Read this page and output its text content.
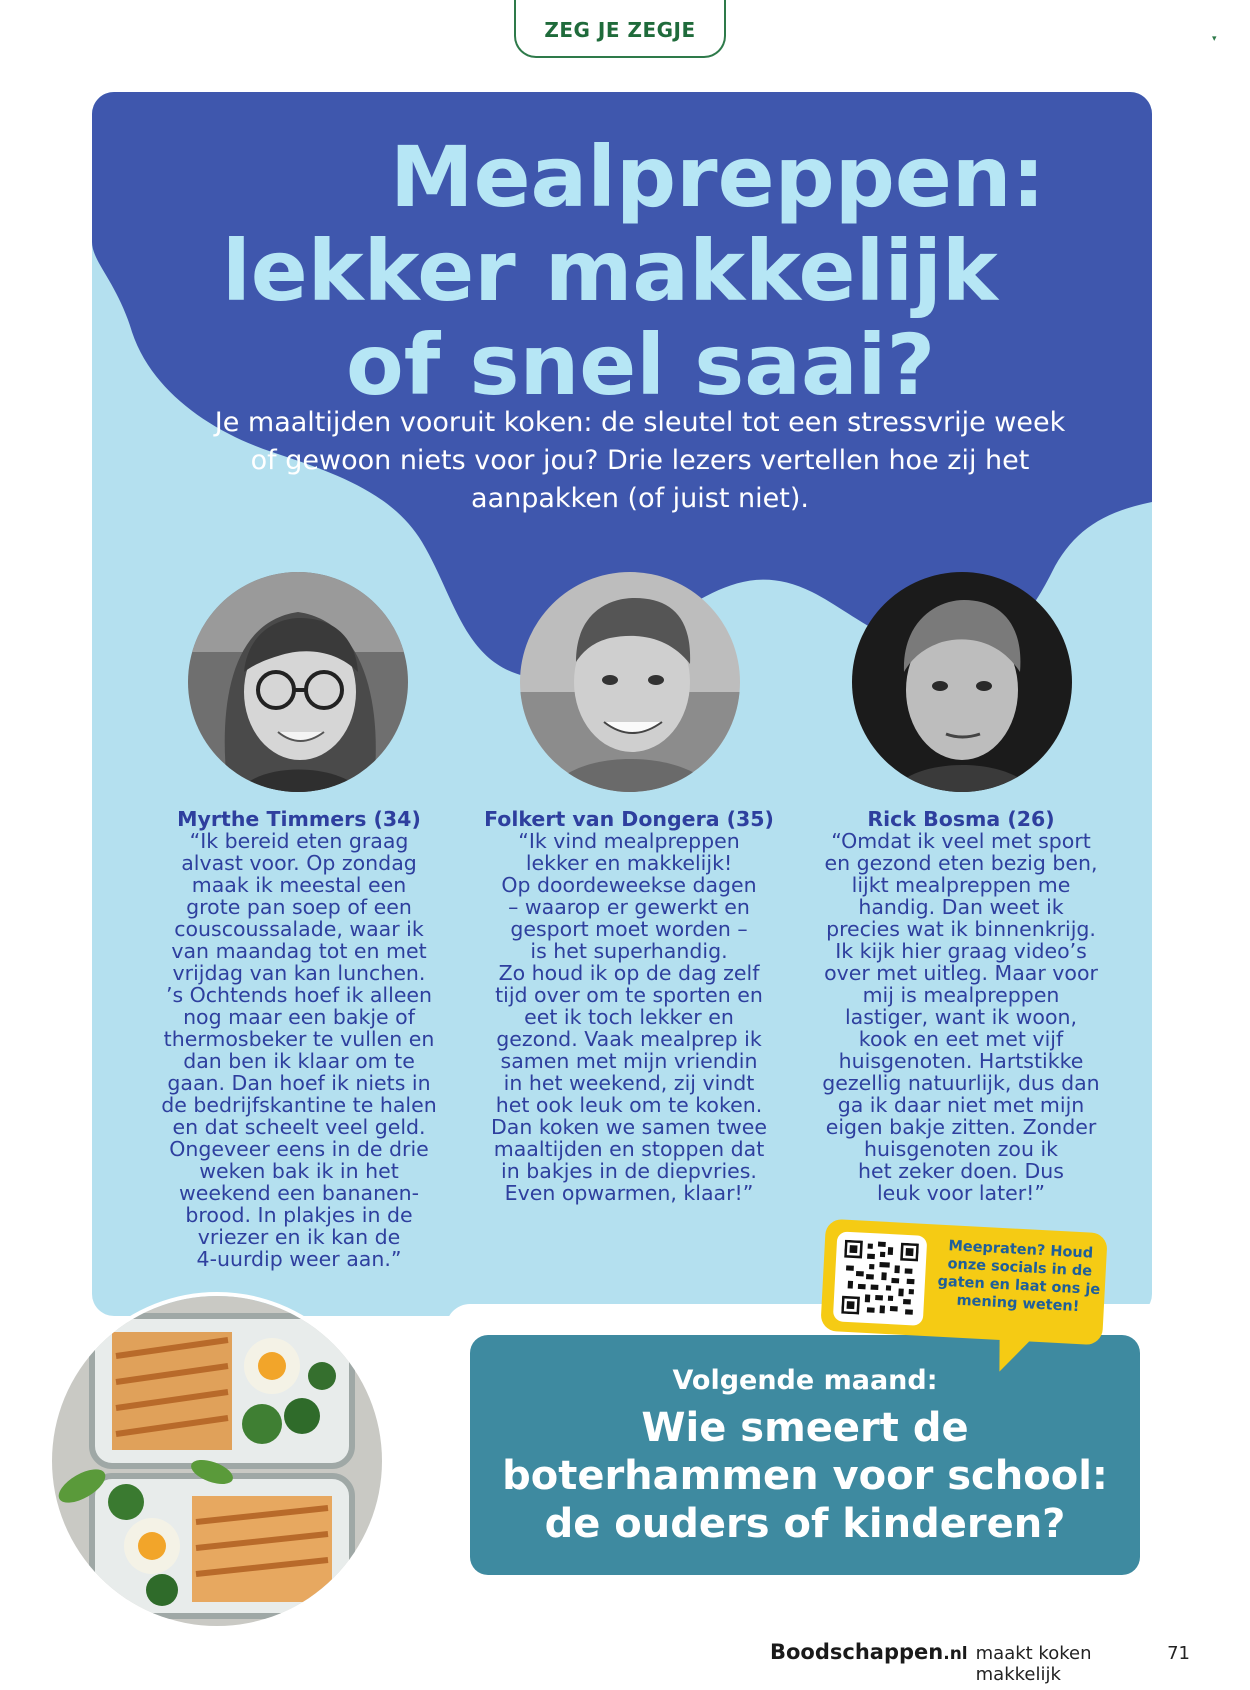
ZEG JE ZEGJE	▾
Mealpreppen:
lekker makkelijk
of snel saai?

Je maaltijden vooruit koken: de sleutel tot een stressvrije week of gewoon niets voor jou? Drie lezers vertellen hoe zij het aanpakken (of juist niet).

Myrthe Timmers (34)
“Ik bereid eten graag
alvast voor. Op zondag
maak ik meestal een
grote pan soep of een
couscoussalade, waar ik
van maandag tot en met
vrijdag van kan lunchen.
’s Ochtends hoef ik alleen
nog maar een bakje of
thermosbeker te vullen en
dan ben ik klaar om te
gaan. Dan hoef ik niets in
de bedrijfskantine te halen
en dat scheelt veel geld.
Ongeveer eens in de drie
weken bak ik in het
weekend een bananen-
brood. In plakjes in de
vriezer en ik kan de
4-uurdip weer aan.”
Folkert van Dongera (35)
“Ik vind mealpreppen
lekker en makkelijk!
Op doordeweekse dagen
– waarop er gewerkt en
gesport moet worden –
is het superhandig.
Zo houd ik op de dag zelf
tijd over om te sporten en
eet ik toch lekker en
gezond. Vaak mealprep ik
samen met mijn vriendin
in het weekend, zij vindt
het ook leuk om te koken.
Dan koken we samen twee
maaltijden en stoppen dat
in bakjes in de diepvries.
Even opwarmen, klaar!”
Rick Bosma (26)
“Omdat ik veel met sport
en gezond eten bezig ben,
lijkt mealpreppen me
handig. Dan weet ik
precies wat ik binnenkrijg.
Ik kijk hier graag video’s
over met uitleg. Maar voor
mij is mealpreppen
lastiger, want ik woon,
kook en eet met vijf
huisgenoten. Hartstikke
gezellig natuurlijk, dus dan
ga ik daar niet met mijn
eigen bakje zitten. Zonder
huisgenoten zou ik
het zeker doen. Dus
leuk voor later!”
Volgende maand:
Wie smeert de
boterhammen voor school:
de ouders of kinderen?
Meepraten? Houd onze socials in de gaten en laat ons je mening weten!
Boodschappen.nl maakt koken makkelijk
71
